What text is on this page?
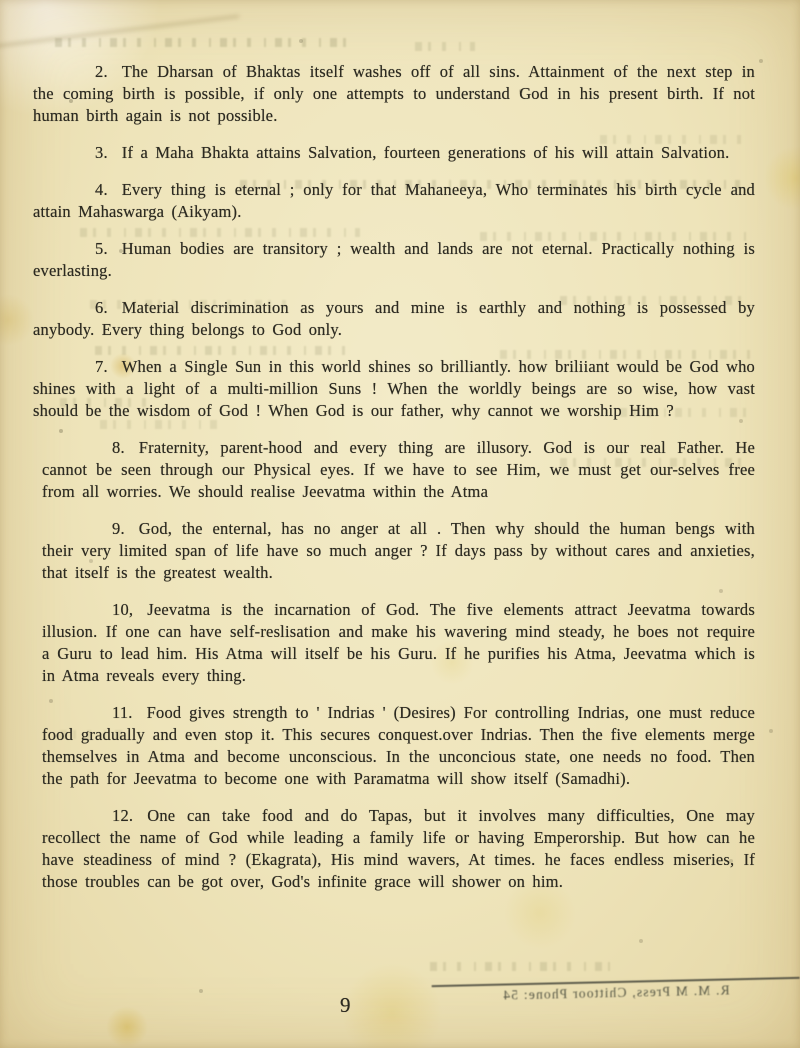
2. The Dharsan of Bhaktas itself washes off of all sins. Attainment of the next step in the coming birth is possible, if only one attempts to understand God in his present birth. If not human birth again is not possible.

3. If a Maha Bhakta attains Salvation, fourteen generations of his will attain Salvation.

4. Every thing is eternal ; only for that Mahaneeya, Who terminates his birth cycle and attain Mahaswarga (Aikyam).

5. Human bodies are transitory ; wealth and lands are not eternal. Practically nothing is everlasting.

6. Material discrimination as yours and mine is earthly and nothing is possessed by anybody. Every thing belongs to God only.

7. When a Single Sun in this world shines so brilliantly. how briliiant would be God who shines with a light of a multi-million Suns ! When the worldly beings are so wise, how vast should be the wisdom of God ! When God is our father, why cannot we worship Him ?

8. Fraternity, parent-hood and every thing are illusory. God is our real Father. He cannot be seen through our Physical eyes. If we have to see Him, we must get our-selves free from all worries. We should realise Jeevatma within the Atma

9. God, the enternal, has no anger at all . Then why should the human bengs with their very limited span of life have so much anger ? If days pass by without cares and anxieties, that itself is the greatest wealth.

10, Jeevatma is the incarnation of God. The five elements attract Jeevatma towards illusion. If one can have self-reslisation and make his wavering mind steady, he boes not require a Guru to lead him. His Atma will itself be his Guru. If he purifies his Atma, Jeevatma which is in Atma reveals every thing.

11. Food gives strength to ' Indrias ' (Desires) For controlling Indrias, one must reduce food gradually and even stop it. This secures conquest.over Indrias. Then the five elements merge themselves in Atma and become unconscious. In the unconcious state, one needs no food. Then the path for Jeevatma to become one with Paramatma will show itself (Samadhi).

12. One can take food and do Tapas, but it involves many difficulties, One may recollect the name of God while leading a family life or having Emperorship. But how can he have steadiness of mind ? (Ekagrata), His mind wavers, At times. he faces endless miseries, If those troubles can be got over, God's infinite grace will shower on him.

9
R. M. M Press, Chittoor Phone: 54
